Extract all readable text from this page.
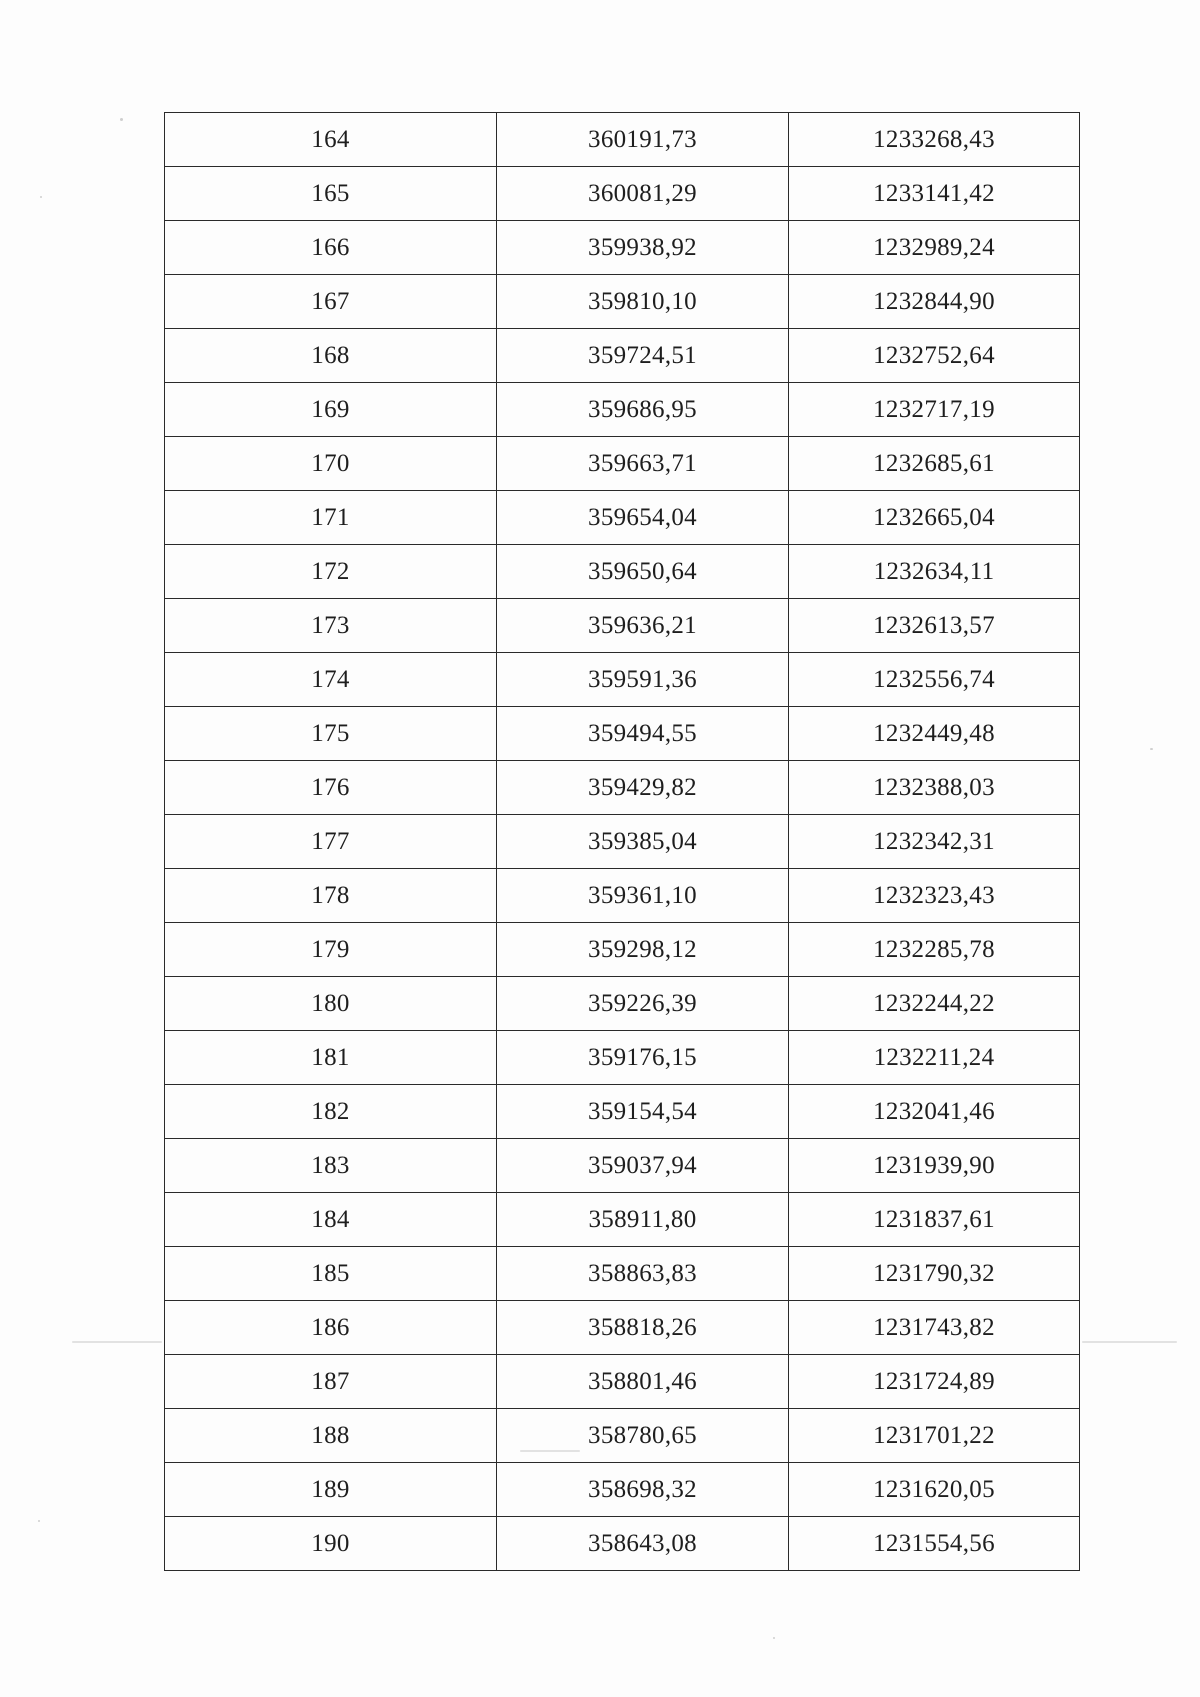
164	360191,73	1233268,43
165	360081,29	1233141,42
166	359938,92	1232989,24
167	359810,10	1232844,90
168	359724,51	1232752,64
169	359686,95	1232717,19
170	359663,71	1232685,61
171	359654,04	1232665,04
172	359650,64	1232634,11
173	359636,21	1232613,57
174	359591,36	1232556,74
175	359494,55	1232449,48
176	359429,82	1232388,03
177	359385,04	1232342,31
178	359361,10	1232323,43
179	359298,12	1232285,78
180	359226,39	1232244,22
181	359176,15	1232211,24
182	359154,54	1232041,46
183	359037,94	1231939,90
184	358911,80	1231837,61
185	358863,83	1231790,32
186	358818,26	1231743,82
187	358801,46	1231724,89
188	358780,65	1231701,22
189	358698,32	1231620,05
190	358643,08	1231554,56
